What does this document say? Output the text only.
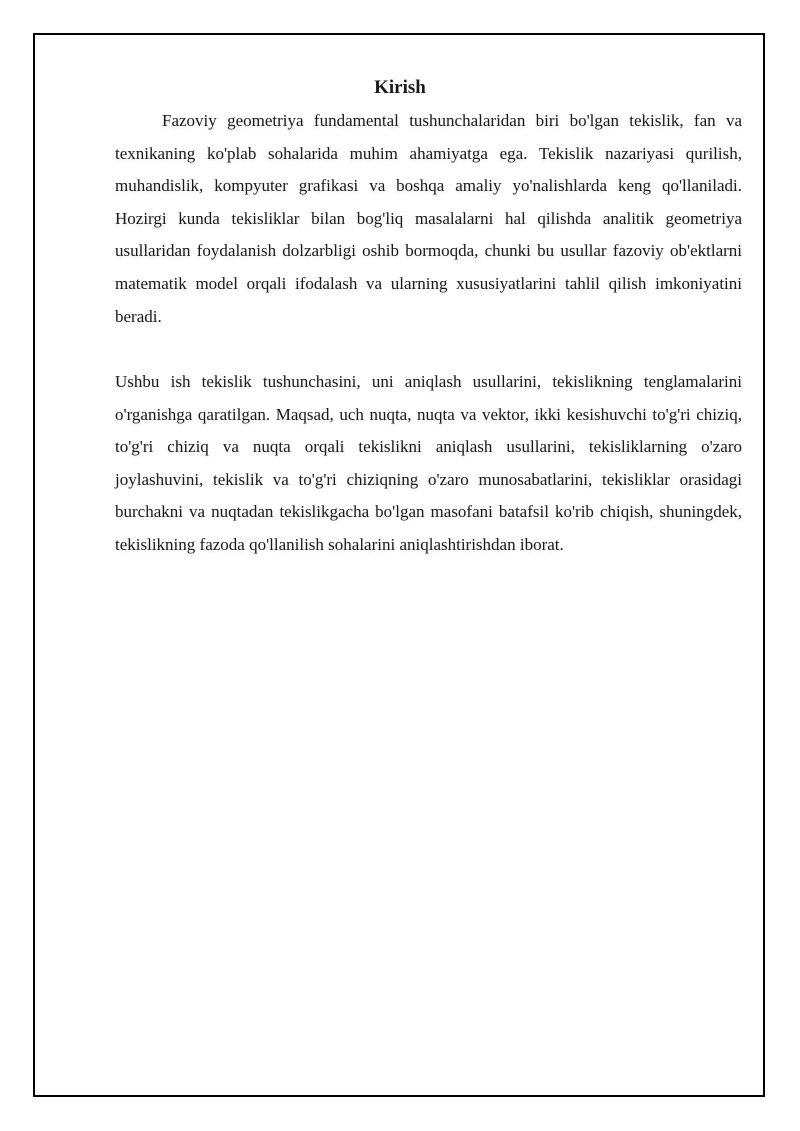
Kirish

Fazoviy geometriya fundamental tushunchalaridan biri bo'lgan tekislik, fan va texnikaning ko'plab sohalarida muhim ahamiyatga ega. Tekislik nazariyasi qurilish, muhandislik, kompyuter grafikasi va boshqa amaliy yo'nalishlarda keng qo'llaniladi. Hozirgi kunda tekisliklar bilan bog'liq masalalarni hal qilishda analitik geometriya usullaridan foydalanish dolzarbligi oshib bormoqda, chunki bu usullar fazoviy ob'ektlarni matematik model orqali ifodalash va ularning xususiyatlarini tahlil qilish imkoniyatini beradi.

Ushbu ish tekislik tushunchasini, uni aniqlash usullarini, tekislikning tenglamalarini o'rganishga qaratilgan. Maqsad, uch nuqta, nuqta va vektor, ikki kesishuvchi to'g'ri chiziq, to'g'ri chiziq va nuqta orqali tekislikni aniqlash usullarini, tekisliklarning o'zaro joylashuvini, tekislik va to'g'ri chiziqning o'zaro munosabatlarini, tekisliklar orasidagi burchakni va nuqtadan tekislikgacha bo'lgan masofani batafsil ko'rib chiqish, shuningdek, tekislikning fazoda qo'llanilish sohalarini aniqlashtirishdan iborat.
